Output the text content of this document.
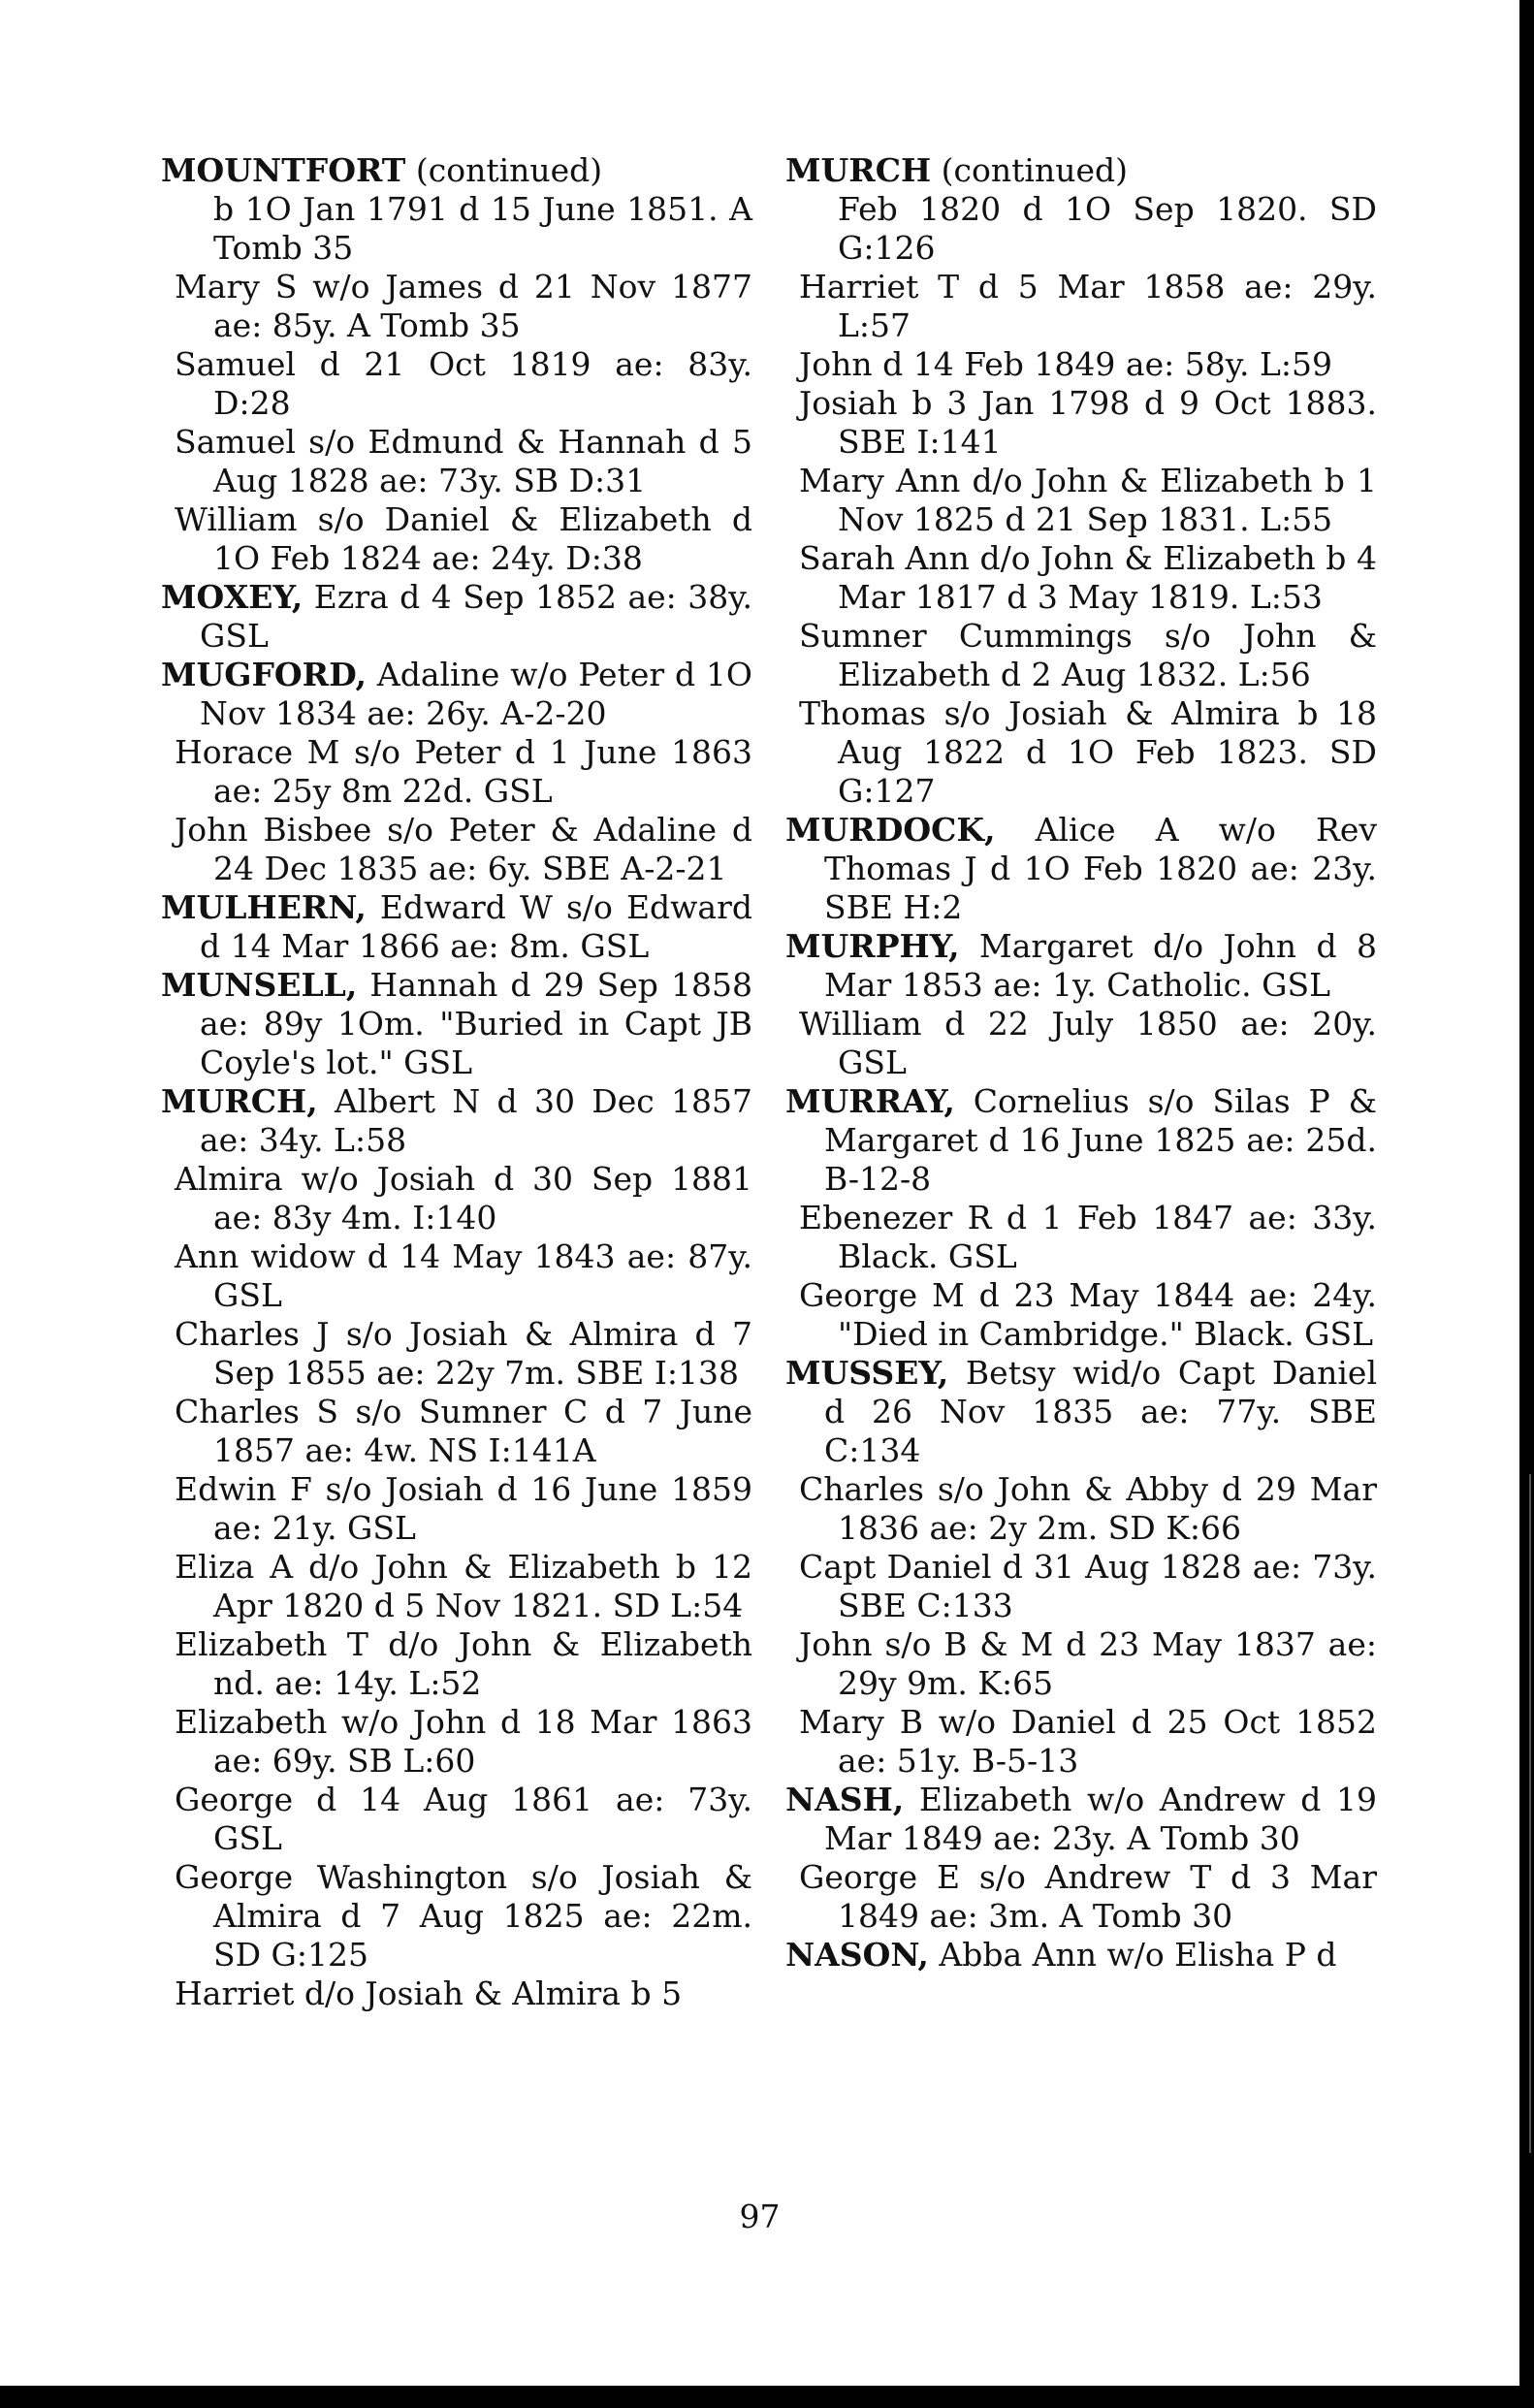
MOUNTFORT (continued)

b 1O Jan 1791 d 15 June 1851. A Tomb 35

Mary S w/o James d 21 Nov 1877 ae: 85y. A Tomb 35

Samuel d 21 Oct 1819 ae: 83y. D:28

Samuel s/o Edmund & Hannah d 5 Aug 1828 ae: 73y. SB D:31

William s/o Daniel & Elizabeth d 1O Feb 1824 ae: 24y. D:38

MOXEY, Ezra d 4 Sep 1852 ae: 38y. GSL

MUGFORD, Adaline w/o Peter d 1O Nov 1834 ae: 26y. A-2-20

Horace M s/o Peter d 1 June 1863 ae: 25y 8m 22d. GSL

John Bisbee s/o Peter & Adaline d 24 Dec 1835 ae: 6y. SBE A-2-21

MULHERN, Edward W s/o Edward d 14 Mar 1866 ae: 8m. GSL

MUNSELL, Hannah d 29 Sep 1858 ae: 89y 1Om. "Buried in Capt JB Coyle's lot." GSL

MURCH, Albert N d 30 Dec 1857 ae: 34y. L:58

Almira w/o Josiah d 30 Sep 1881 ae: 83y 4m. I:140

Ann widow d 14 May 1843 ae: 87y. GSL

Charles J s/o Josiah & Almira d 7 Sep 1855 ae: 22y 7m. SBE I:138

Charles S s/o Sumner C d 7 June 1857 ae: 4w. NS I:141A

Edwin F s/o Josiah d 16 June 1859 ae: 21y. GSL

Eliza A d/o John & Elizabeth b 12 Apr 1820 d 5 Nov 1821. SD L:54

Elizabeth T d/o John & Elizabeth nd. ae: 14y. L:52

Elizabeth w/o John d 18 Mar 1863 ae: 69y. SB L:60

George d 14 Aug 1861 ae: 73y. GSL

George Washington s/o Josiah & Almira d 7 Aug 1825 ae: 22m. SD G:125

Harriet d/o Josiah & Almira b 5

MURCH (continued)

Feb 1820 d 1O Sep 1820. SD G:126

Harriet T d 5 Mar 1858 ae: 29y. L:57

John d 14 Feb 1849 ae: 58y. L:59

Josiah b 3 Jan 1798 d 9 Oct 1883. SBE I:141

Mary Ann d/o John & Elizabeth b 1 Nov 1825 d 21 Sep 1831. L:55

Sarah Ann d/o John & Elizabeth b 4 Mar 1817 d 3 May 1819. L:53

Sumner Cummings s/o John & Elizabeth d 2 Aug 1832. L:56

Thomas s/o Josiah & Almira b 18 Aug 1822 d 1O Feb 1823. SD G:127

MURDOCK, Alice A w/o Rev Thomas J d 1O Feb 1820 ae: 23y. SBE H:2

MURPHY, Margaret d/o John d 8 Mar 1853 ae: 1y. Catholic. GSL

William d 22 July 1850 ae: 20y. GSL

MURRAY, Cornelius s/o Silas P & Margaret d 16 June 1825 ae: 25d. B-12-8

Ebenezer R d 1 Feb 1847 ae: 33y. Black. GSL

George M d 23 May 1844 ae: 24y. "Died in Cambridge." Black. GSL

MUSSEY, Betsy wid/o Capt Daniel d 26 Nov 1835 ae: 77y. SBE C:134

Charles s/o John & Abby d 29 Mar 1836 ae: 2y 2m. SD K:66

Capt Daniel d 31 Aug 1828 ae: 73y. SBE C:133

John s/o B & M d 23 May 1837 ae: 29y 9m. K:65

Mary B w/o Daniel d 25 Oct 1852 ae: 51y. B-5-13

NASH, Elizabeth w/o Andrew d 19 Mar 1849 ae: 23y. A Tomb 30

George E s/o Andrew T d 3 Mar 1849 ae: 3m. A Tomb 30

NASON, Abba Ann w/o Elisha P d

97
